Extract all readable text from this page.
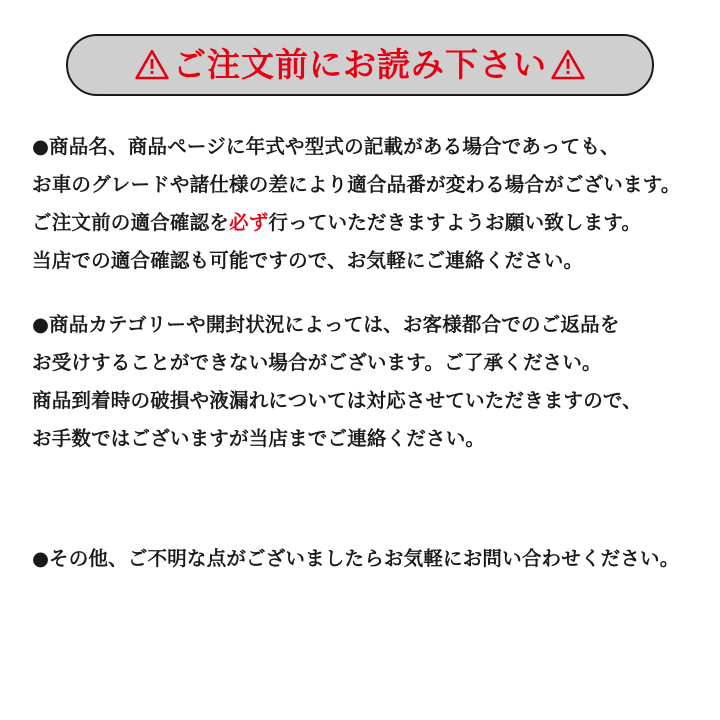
ご注文前にお読み下さい
●商品名、商品ページに年式や型式の記載がある場合であっても、
お車のグレードや諸仕様の差により適合品番が変わる場合がございます。
ご注文前の適合確認を必ず行っていただきますようお願い致します。
当店での適合確認も可能ですので、お気軽にご連絡ください。
●商品カテゴリーや開封状況によっては、お客様都合でのご返品を
お受けすることができない場合がございます。ご了承ください。
商品到着時の破損や液漏れについては対応させていただきますので、
お手数ではございますが当店までご連絡ください。
●その他、ご不明な点がございましたらお気軽にお問い合わせください。
